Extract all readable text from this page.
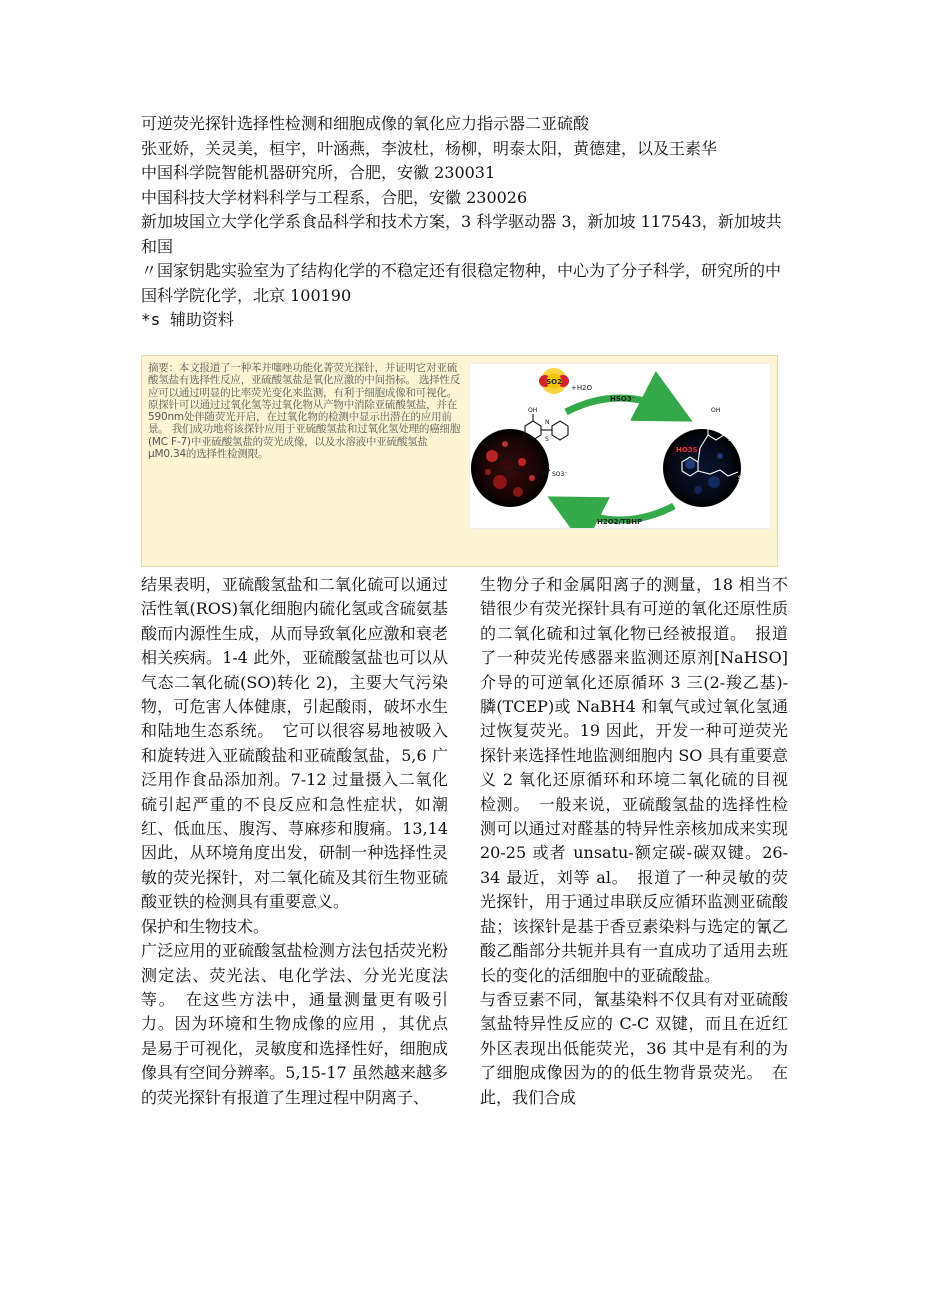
可逆荧光探针选择性检测和细胞成像的氧化应力指示器二亚硫酸

张亚娇，关灵美，桓宇，叶涵燕，李波杜，杨柳，明泰太阳，黄德建，以及王素华

中国科学院智能机器研究所，合肥，安徽 230031

中国科技大学材料科学与工程系，合肥，安徽 230026

新加坡国立大学化学系食品科学和技术方案，3 科学驱动器 3，新加坡 117543，新加坡共和国

〃国家钥匙实验室为了结构化学的不稳定还有很稳定物种，中心为了分子科学，研究所的中国科学院化学，北京 100190

*s 辅助资料

摘要：本文报道了一种苯并噻唑功能化菁荧光探针，并证明它对亚硫酸氢盐有选择性反应，亚硫酸氢盐是氧化应激的中间指标。 选择性反应可以通过明显的比率荧光变化来监测，有利于细胞成像和可视化。 原探针可以通过过氧化氢等过氧化物从产物中消除亚硫酸氢盐，并在590nm处伴随荧光开启，在过氧化物的检测中显示出潜在的应用前景。 我们成功地将该探针应用于亚硫酸氢盐和过氧化氢处理的癌细胞(MC F-7)中亚硫酸氢盐的荧光成像，以及水溶液中亚硫酸氢盐μM0.34的选择性检测限。
SO2
+H2O
HSO3⁻
H2O2/TBHP
OH
N
S
SO3⁻
OH
N
S
HO3S
SO3⁻

结果表明，亚硫酸氢盐和二氧化硫可以通过活性氧(ROS)氧化细胞内硫化氢或含硫氨基酸而内源性生成，从而导致氧化应激和衰老相关疾病。1-4 此外，亚硫酸氢盐也可以从气态二氧化硫(SO)转化 2)，主要大气污染物，可危害人体健康，引起酸雨，破坏水生和陆地生态系统。　它可以很容易地被吸入和旋转进入亚硫酸盐和亚硫酸氢盐，5,6 广泛用作食品添加剂。7-12 过量摄入二氧化硫引起严重的不良反应和急性症状，如潮红、低血压、腹泻、荨麻疹和腹痛。13,14 因此，从环境角度出发，研制一种选择性灵敏的荧光探针，对二氧化硫及其衍生物亚硫酸亚铁的检测具有重要意义。

保护和生物技术。

广泛应用的亚硫酸氢盐检测方法包括荧光粉测定法、荧光法、电化学法、分光光度法等。　在这些方法中，通量测量更有吸引力。因为环境和生物成像的应用 ，其优点是易于可视化，灵敏度和选择性好，细胞成像具有空间分辨率。5,15-17 虽然越来越多的荧光探针有报道了生理过程中阴离子、

生物分子和金属阳离子的测量，18 相当不错很少有荧光探针具有可逆的氧化还原性质的二氧化硫和过氧化物已经被报道。　报道了一种荧光传感器来监测还原剂[NaHSO]介导的可逆氧化还原循环 3 三(2-羧乙基)-膦(TCEP)或 NaBH4 和氧气或过氧化氢通过恢复荧光。19 因此，开发一种可逆荧光探针来选择性地监测细胞内 SO 具有重要意义 2 氧化还原循环和环境二氧化硫的目视检测。　一般来说，亚硫酸氢盐的选择性检测可以通过对醛基的特异性亲核加成来实现 20-25 或者 unsatu-额定碳-碳双键。26-34 最近，刘等 al。　报道了一种灵敏的荧光探针，用于通过串联反应循环监测亚硫酸盐；该探针是基于香豆素染料与选定的氰乙酸乙酯部分共轭并具有一直成功了适用去班长的变化的活细胞中的亚硫酸盐。

与香豆素不同，氰基染料不仅具有对亚硫酸氢盐特异性反应的 C-C 双键，而且在近红外区表现出低能荧光，36 其中是有利的为了细胞成像因为的的低生物背景荧光。　在此，我们合成
